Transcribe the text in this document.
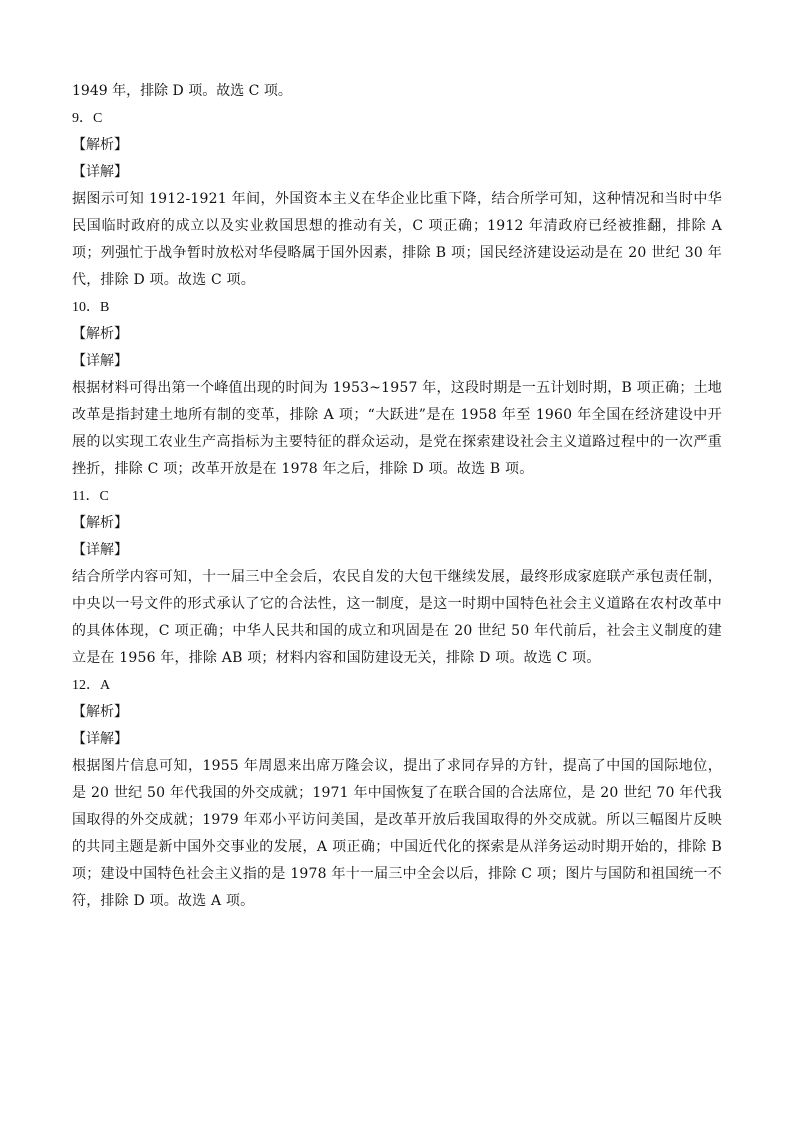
1949 年，排除 D 项。故选 C 项。
9．C
【解析】
【详解】
据图示可知 1912-1921 年间，外国资本主义在华企业比重下降，结合所学可知，这种情况和当时中华民国临时政府的成立以及实业救国思想的推动有关，C 项正确；1912 年清政府已经被推翻，排除 A 项；列强忙于战争暂时放松对华侵略属于国外因素，排除 B 项；国民经济建设运动是在 20 世纪 30 年代，排除 D 项。故选 C 项。
10．B
【解析】
【详解】
根据材料可得出第一个峰值出现的时间为 1953~1957 年，这段时期是一五计划时期，B 项正确；土地改革是指封建土地所有制的变革，排除 A 项；“大跃进”是在 1958 年至 1960 年全国在经济建设中开展的以实现工农业生产高指标为主要特征的群众运动，是党在探索建设社会主义道路过程中的一次严重挫折，排除 C 项；改革开放是在 1978 年之后，排除 D 项。故选 B 项。
11．C
【解析】
【详解】
结合所学内容可知，十一届三中全会后，农民自发的大包干继续发展，最终形成家庭联产承包责任制，中央以一号文件的形式承认了它的合法性，这一制度，是这一时期中国特色社会主义道路在农村改革中的具体体现，C 项正确；中华人民共和国的成立和巩固是在 20 世纪 50 年代前后，社会主义制度的建立是在 1956 年，排除 AB 项；材料内容和国防建设无关，排除 D 项。故选 C 项。
12．A
【解析】
【详解】
根据图片信息可知，1955 年周恩来出席万隆会议，提出了求同存异的方针，提高了中国的国际地位，是 20 世纪 50 年代我国的外交成就；1971 年中国恢复了在联合国的合法席位，是 20 世纪 70 年代我国取得的外交成就；1979 年邓小平访问美国，是改革开放后我国取得的外交成就。所以三幅图片反映的共同主题是新中国外交事业的发展，A 项正确；中国近代化的探索是从洋务运动时期开始的，排除 B 项；建设中国特色社会主义指的是 1978 年十一届三中全会以后，排除 C 项；图片与国防和祖国统一不符，排除 D 项。故选 A 项。
